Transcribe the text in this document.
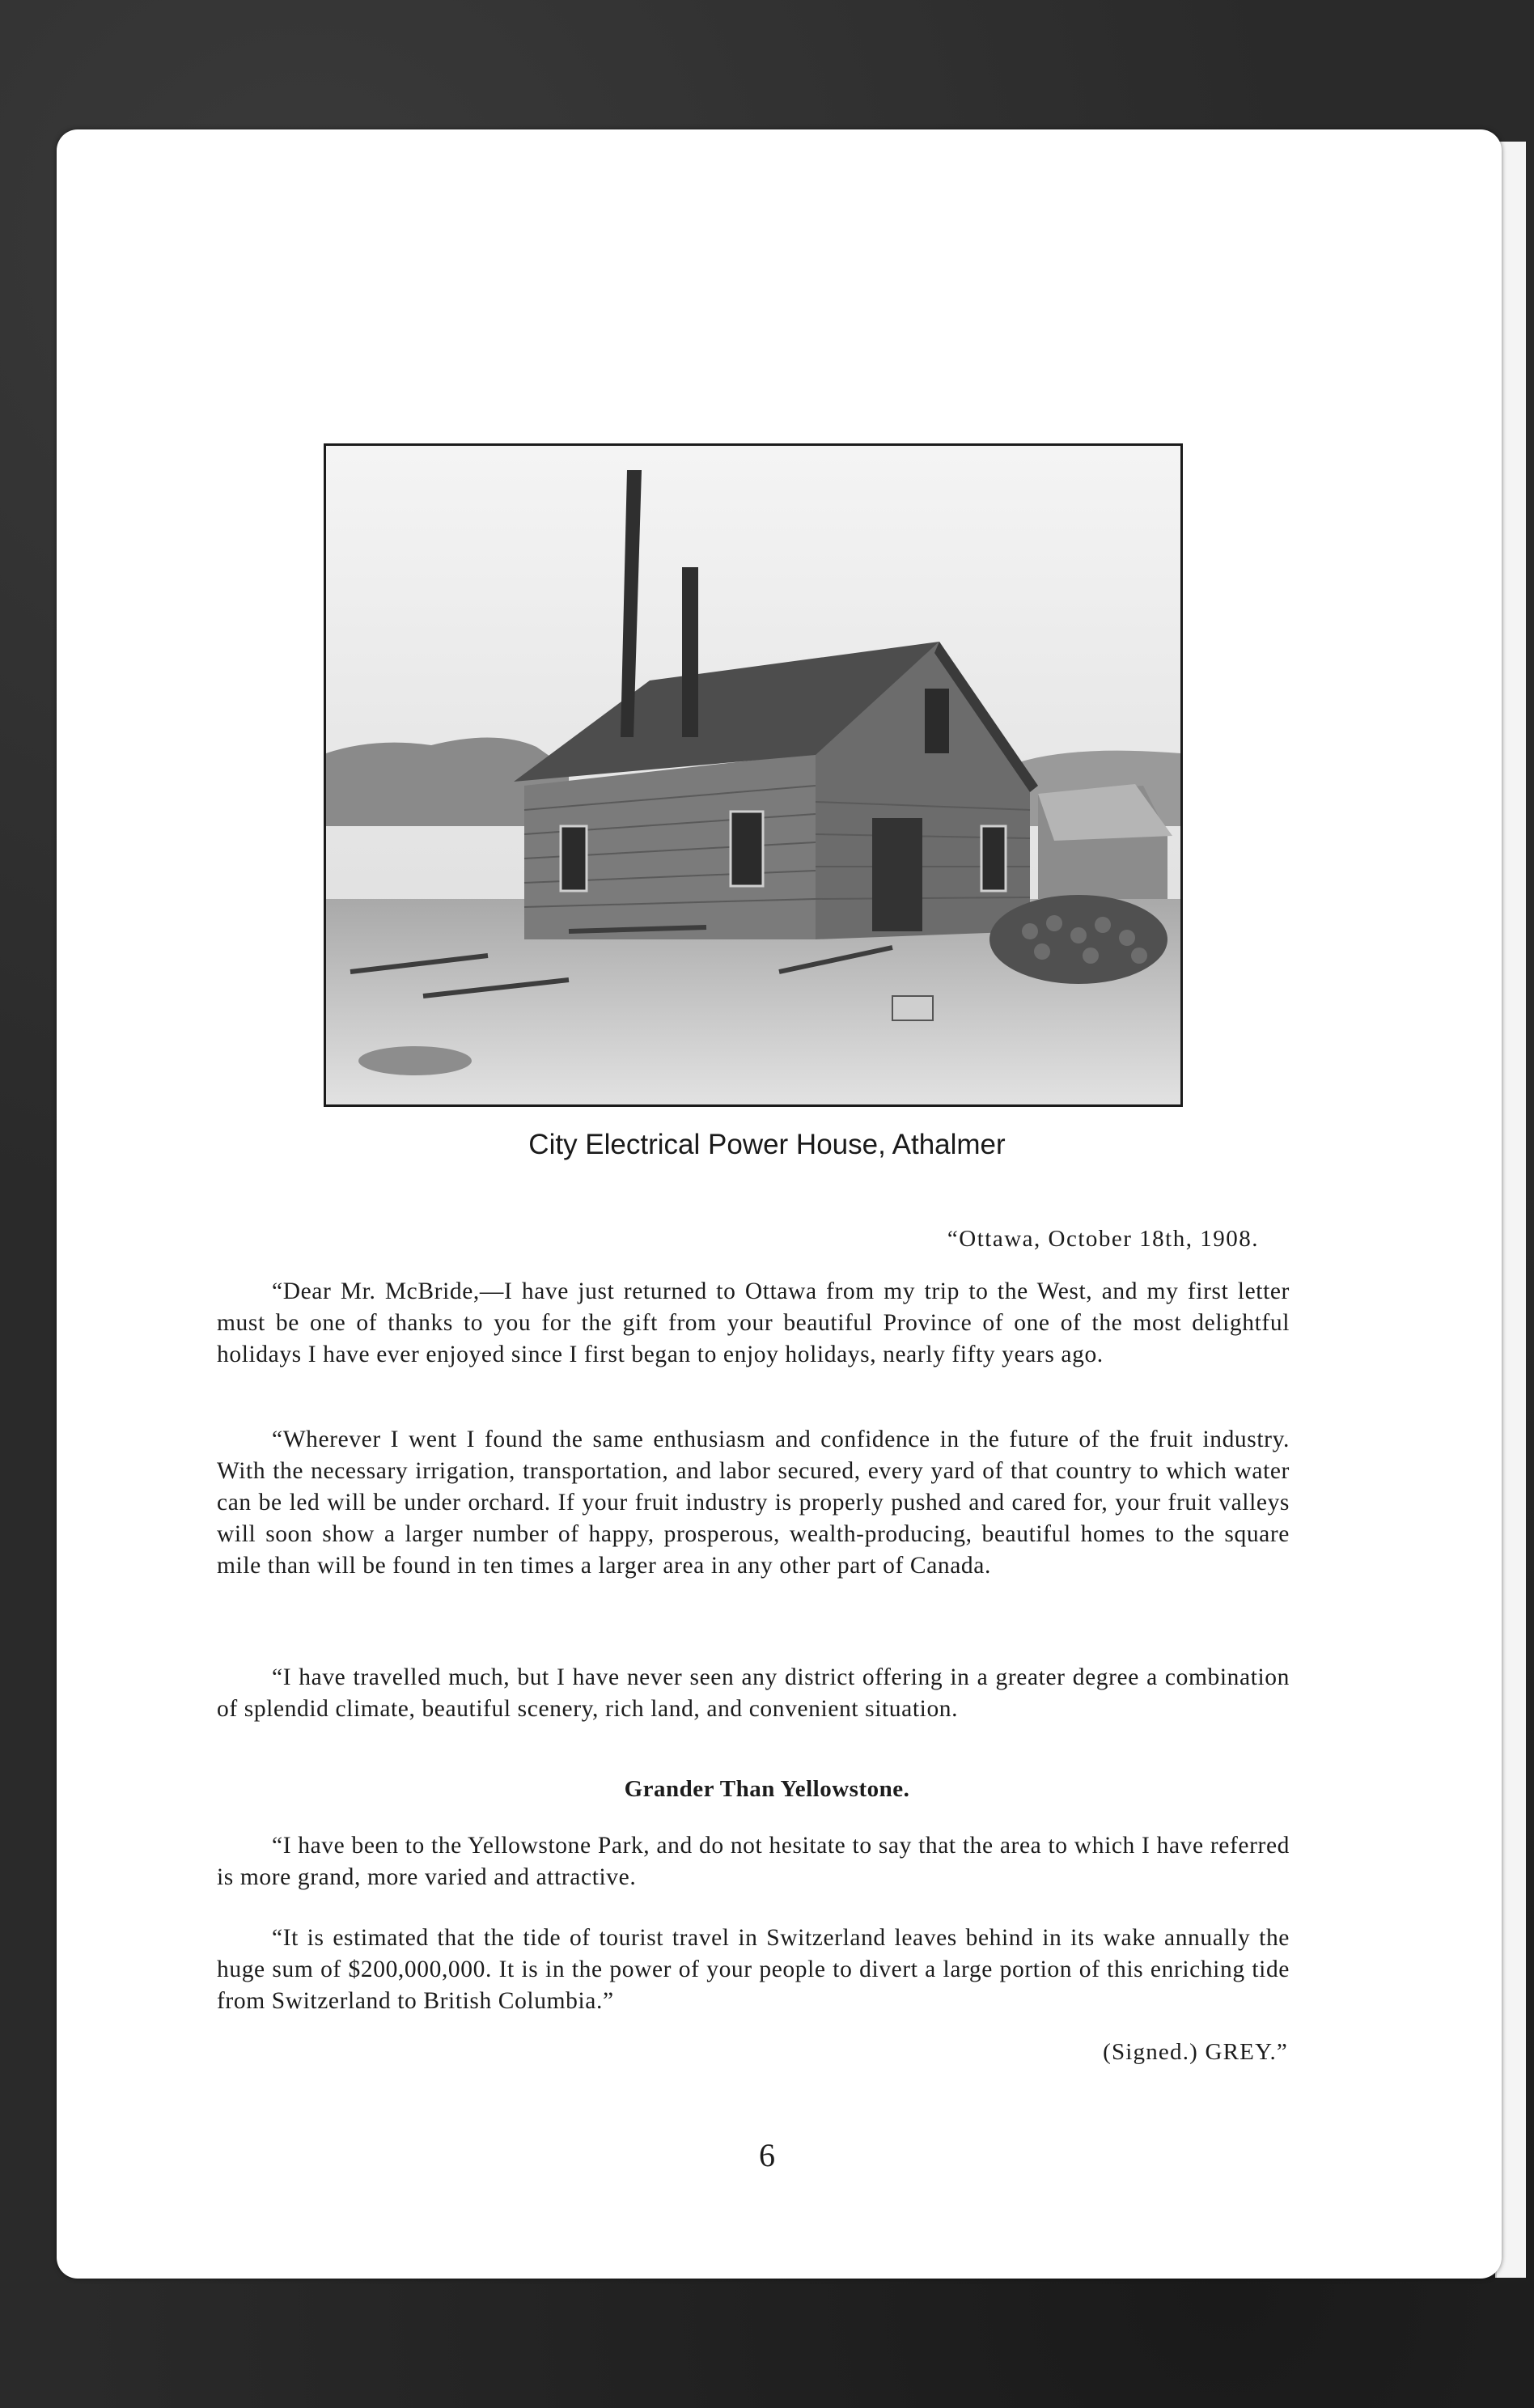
City Electrical Power House, Athalmer
“Ottawa, October 18th, 1908.

“Dear Mr. McBride,—I have just returned to Ottawa from my trip to the West, and my first letter must be one of thanks to you for the gift from your beautiful Province of one of the most delightful holidays I have ever enjoyed since I first began to enjoy holidays, nearly fifty years ago.

“Wherever I went I found the same enthusiasm and confidence in the future of the fruit industry. With the necessary irrigation, transportation, and labor secured, every yard of that country to which water can be led will be under orchard. If your fruit industry is properly pushed and cared for, your fruit valleys will soon show a larger number of happy, prosperous, wealth-producing, beautiful homes to the square mile than will be found in ten times a larger area in any other part of Canada.

“I have travelled much, but I have never seen any district offering in a greater degree a combination of splendid climate, beautiful scenery, rich land, and convenient situation.

Grander Than Yellowstone.

“I have been to the Yellowstone Park, and do not hesitate to say that the area to which I have referred is more grand, more varied and attractive.

“It is estimated that the tide of tourist travel in Switzerland leaves behind in its wake annually the huge sum of $200,000,000. It is in the power of your people to divert a large portion of this enriching tide from Switzerland to British Columbia.”

(Signed.) GREY.”
6
